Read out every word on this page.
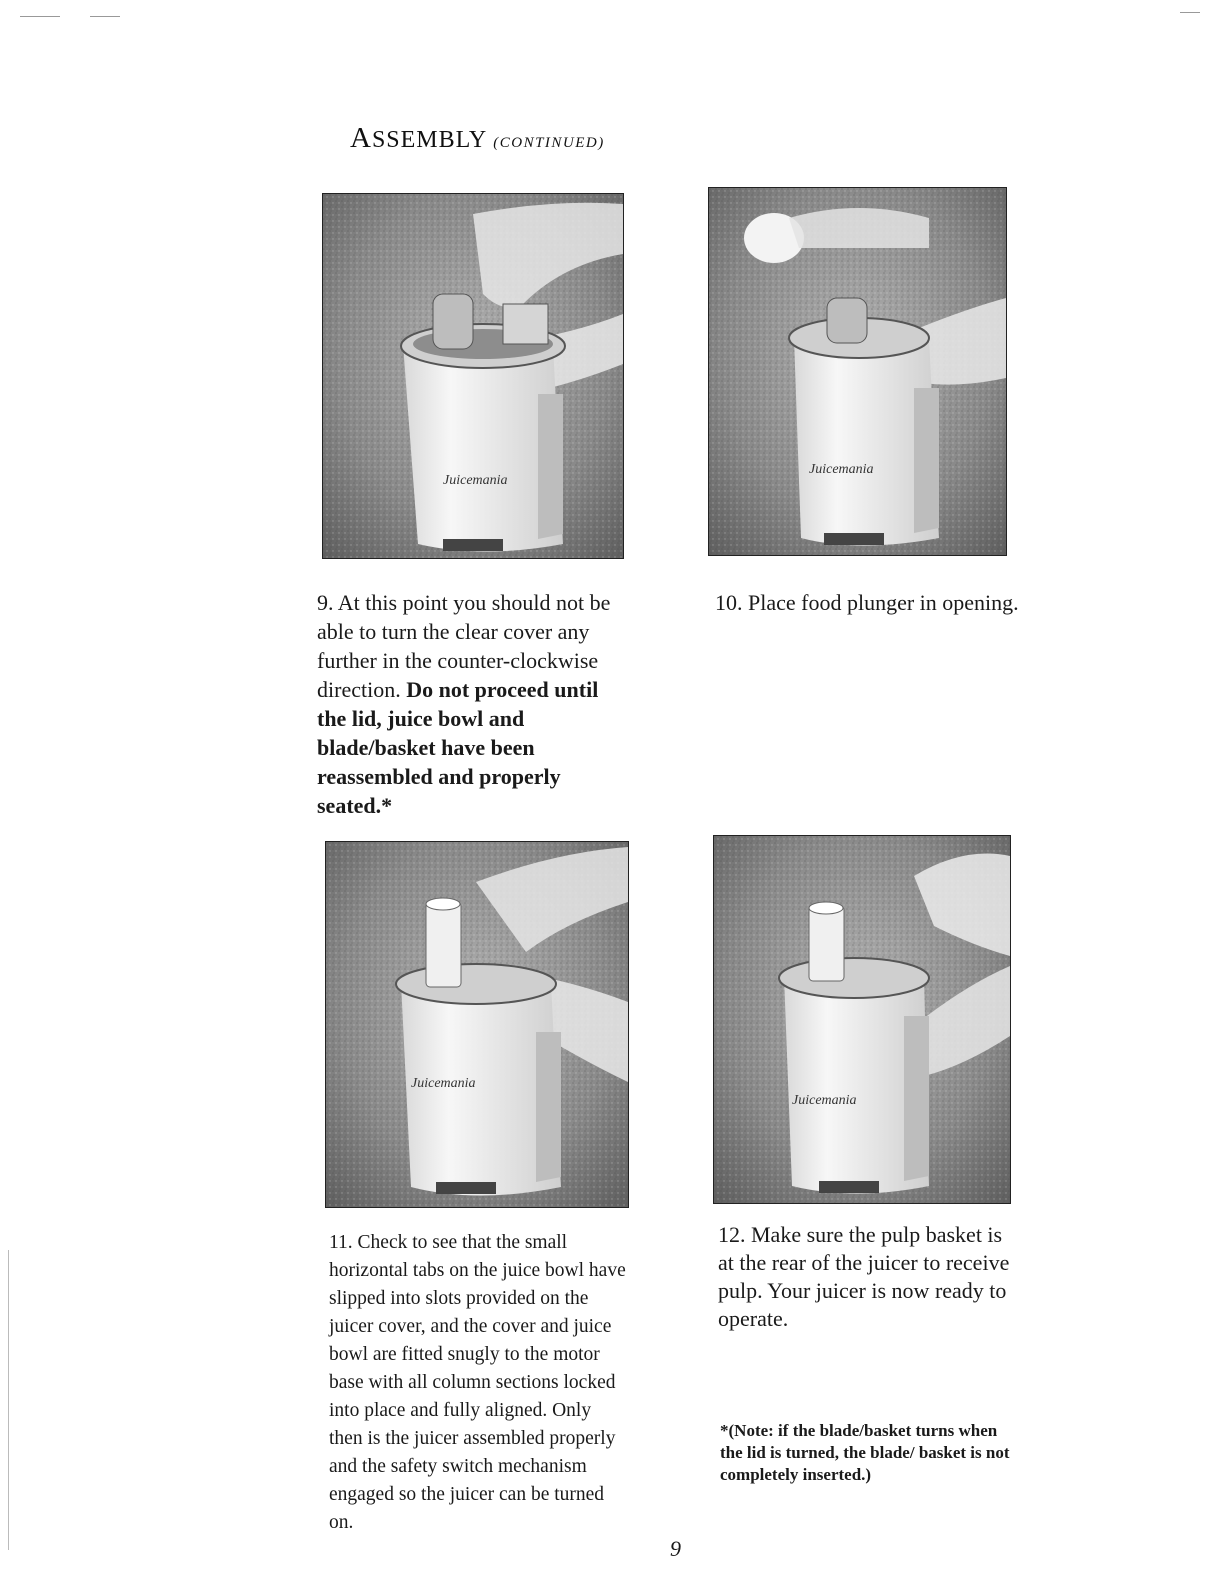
ASSEMBLY (CONTINUED)
Juicemania
Juicemania
Juicemania
Juicemania
9. At this point you should not be able to turn the clear cover any further in the counter-clockwise direction. Do not proceed until the lid, juice bowl and blade/basket have been reassembled and properly seated.*
10. Place food plunger in opening.
11. Check to see that the small horizontal tabs on the juice bowl have slipped into slots provided on the juicer cover, and the cover and juice bowl are fitted snugly to the motor base with all column sections locked into place and fully aligned. Only then is the juicer assembled properly and the safety switch mechanism engaged so the juicer can be turned on.
12. Make sure the pulp basket is at the rear of the juicer to receive pulp. Your juicer is now ready to operate.
*(Note: if the blade/basket turns when the lid is turned, the blade/ basket is not completely inserted.)
9
